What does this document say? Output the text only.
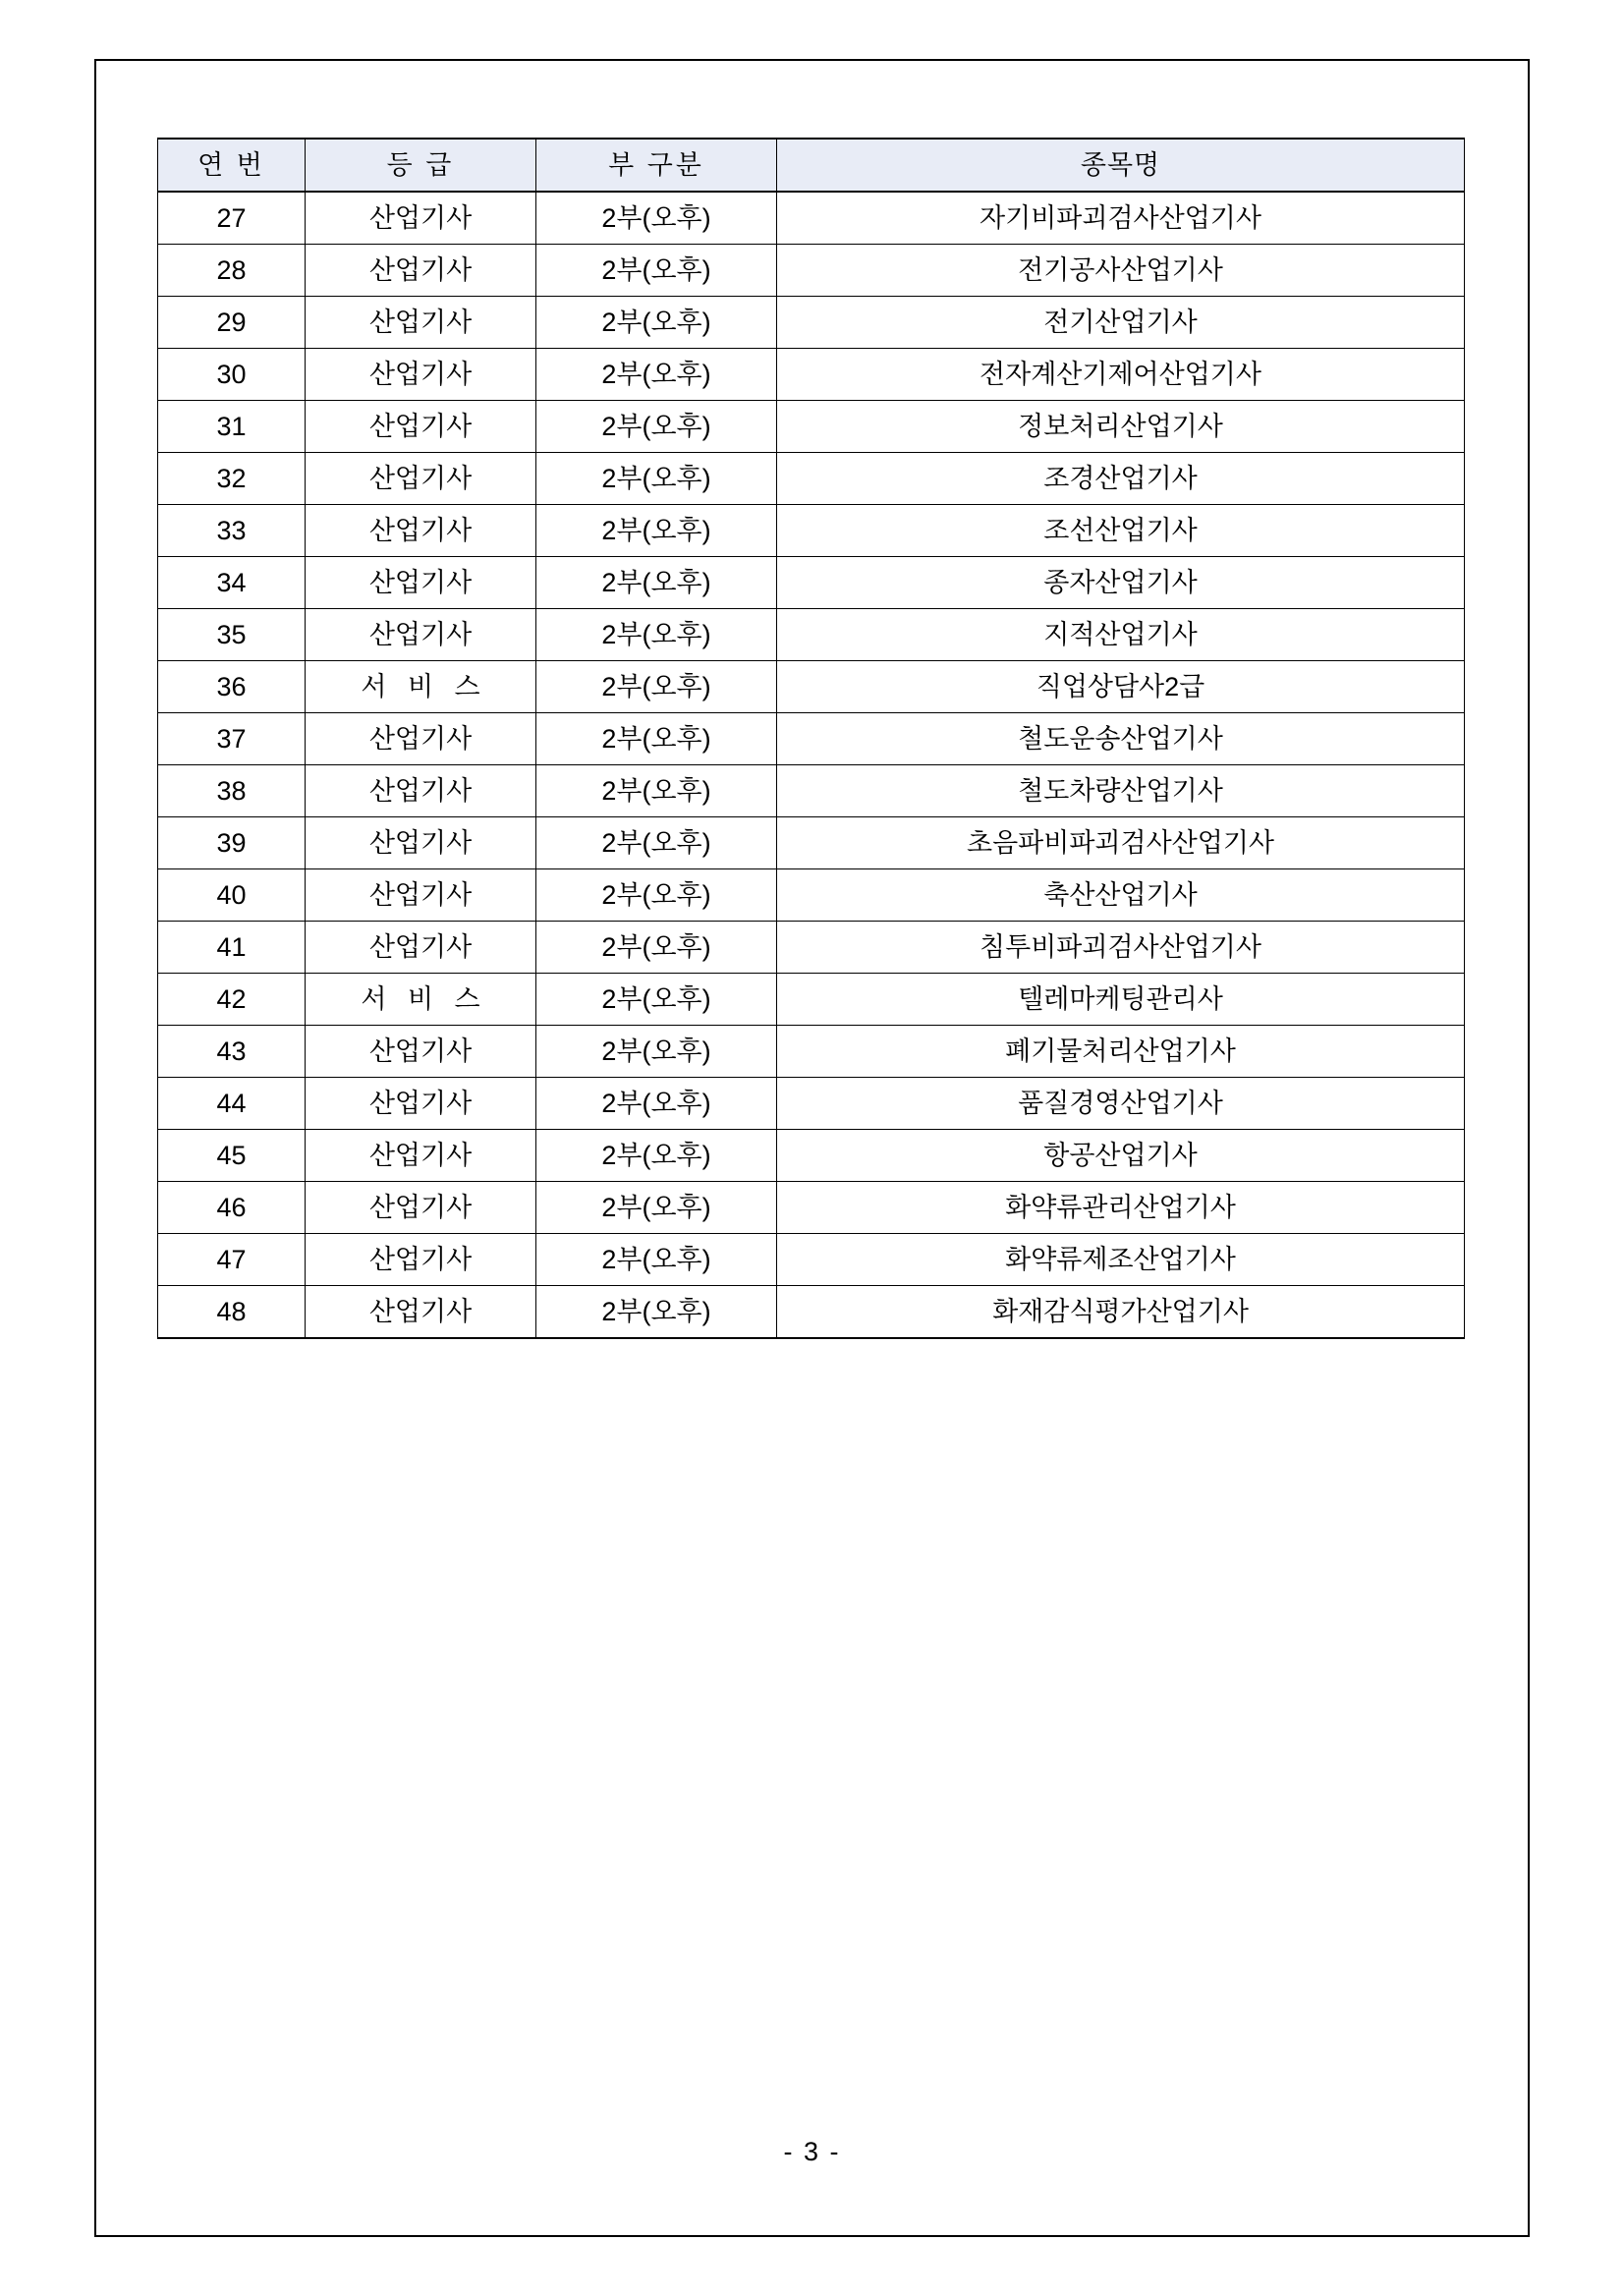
연 번	등 급	부 구분	종목명
27	산업기사	2부(오후)	자기비파괴검사산업기사
28	산업기사	2부(오후)	전기공사산업기사
29	산업기사	2부(오후)	전기산업기사
30	산업기사	2부(오후)	전자계산기제어산업기사
31	산업기사	2부(오후)	정보처리산업기사
32	산업기사	2부(오후)	조경산업기사
33	산업기사	2부(오후)	조선산업기사
34	산업기사	2부(오후)	종자산업기사
35	산업기사	2부(오후)	지적산업기사
36	서 비 스	2부(오후)	직업상담사2급
37	산업기사	2부(오후)	철도운송산업기사
38	산업기사	2부(오후)	철도차량산업기사
39	산업기사	2부(오후)	초음파비파괴검사산업기사
40	산업기사	2부(오후)	축산산업기사
41	산업기사	2부(오후)	침투비파괴검사산업기사
42	서 비 스	2부(오후)	텔레마케팅관리사
43	산업기사	2부(오후)	폐기물처리산업기사
44	산업기사	2부(오후)	품질경영산업기사
45	산업기사	2부(오후)	항공산업기사
46	산업기사	2부(오후)	화약류관리산업기사
47	산업기사	2부(오후)	화약류제조산업기사
48	산업기사	2부(오후)	화재감식평가산업기사
- 3 -
